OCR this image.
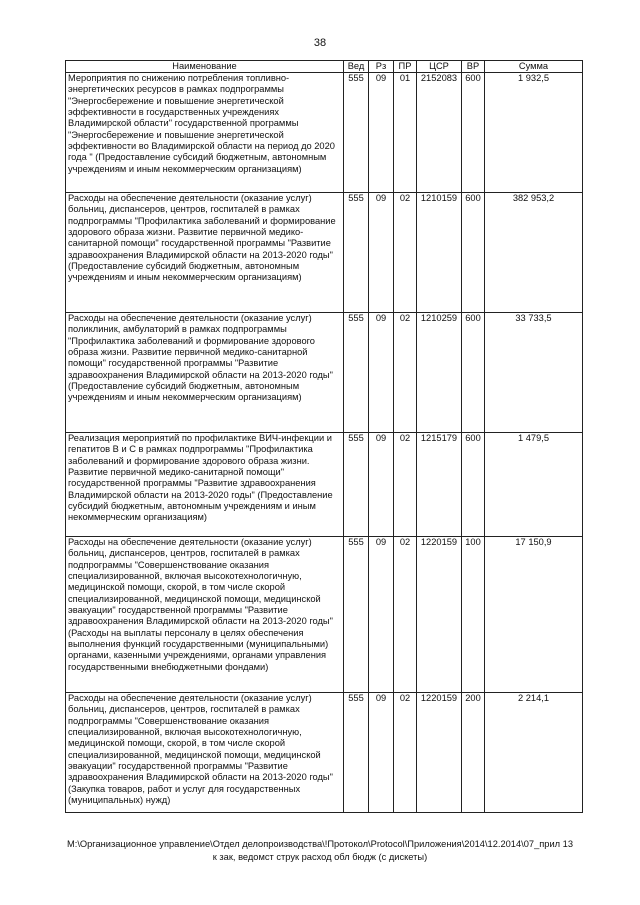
38
Наименование	Вед	Рз	ПР	ЦСР	ВР	Сумма
Мероприятия по снижению потребления топливно-энергетических ресурсов в рамках подпрограммы "Энергосбережение и повышение энергетической эффективности в государственных учреждениях Владимирской области" государственной программы "Энергосбережение и повышение энергетической эффективности во Владимирской области на период до 2020 года " (Предоставление субсидий бюджетным, автономным учреждениям и иным некоммерческим организациям)	555	09	01	2152083	600	1 932,5
Расходы на обеспечение деятельности (оказание услуг) больниц, диспансеров, центров, госпиталей в рамках подпрограммы "Профилактика заболеваний и формирование здорового образа жизни. Развитие первичной медико-санитарной помощи" государственной программы "Развитие здравоохранения Владимирской области на 2013-2020 годы" (Предоставление субсидий бюджетным, автономным учреждениям и иным некоммерческим организациям)	555	09	02	1210159	600	382 953,2
Расходы на обеспечение деятельности (оказание услуг) поликлиник, амбулаторий в рамках подпрограммы "Профилактика заболеваний и формирование здорового образа жизни. Развитие первичной медико-санитарной помощи" государственной программы "Развитие здравоохранения Владимирской области на 2013-2020 годы" (Предоставление субсидий бюджетным, автономным учреждениям и иным некоммерческим организациям)	555	09	02	1210259	600	33 733,5
Реализация мероприятий по профилактике ВИЧ-инфекции и гепатитов В и С в рамках подпрограммы "Профилактика заболеваний и формирование здорового образа жизни. Развитие первичной медико-санитарной помощи" государственной программы "Развитие здравоохранения Владимирской области на 2013-2020 годы" (Предоставление субсидий бюджетным, автономным учреждениям и иным некоммерческим организациям)	555	09	02	1215179	600	1 479,5
Расходы на обеспечение деятельности (оказание услуг) больниц, диспансеров, центров, госпиталей в рамках подпрограммы "Совершенствование оказания специализированной, включая высокотехнологичную, медицинской помощи, скорой, в том числе скорой специализированной, медицинской помощи, медицинской эвакуации" государственной программы "Развитие здравоохранения Владимирской области на 2013-2020 годы" (Расходы на выплаты персоналу в целях обеспечения выполнения функций государственными (муниципальными) органами, казенными учреждениями, органами управления государственными внебюджетными фондами)	555	09	02	1220159	100	17 150,9
Расходы на обеспечение деятельности (оказание услуг) больниц, диспансеров, центров, госпиталей в рамках подпрограммы "Совершенствование оказания специализированной, включая высокотехнологичную, медицинской помощи, скорой, в том числе скорой специализированной, медицинской помощи, медицинской эвакуации" государственной программы "Развитие здравоохранения Владимирской области на 2013-2020 годы" (Закупка товаров, работ и услуг для государственных (муниципальных) нужд)	555	09	02	1220159	200	2 214,1
M:\Организационное управление\Отдел делопроизводства\!Протокол\Protocol\Приложения\2014\12.2014\07_прил 13
к зак, ведомст струк расход обл бюдж (с дискеты)
